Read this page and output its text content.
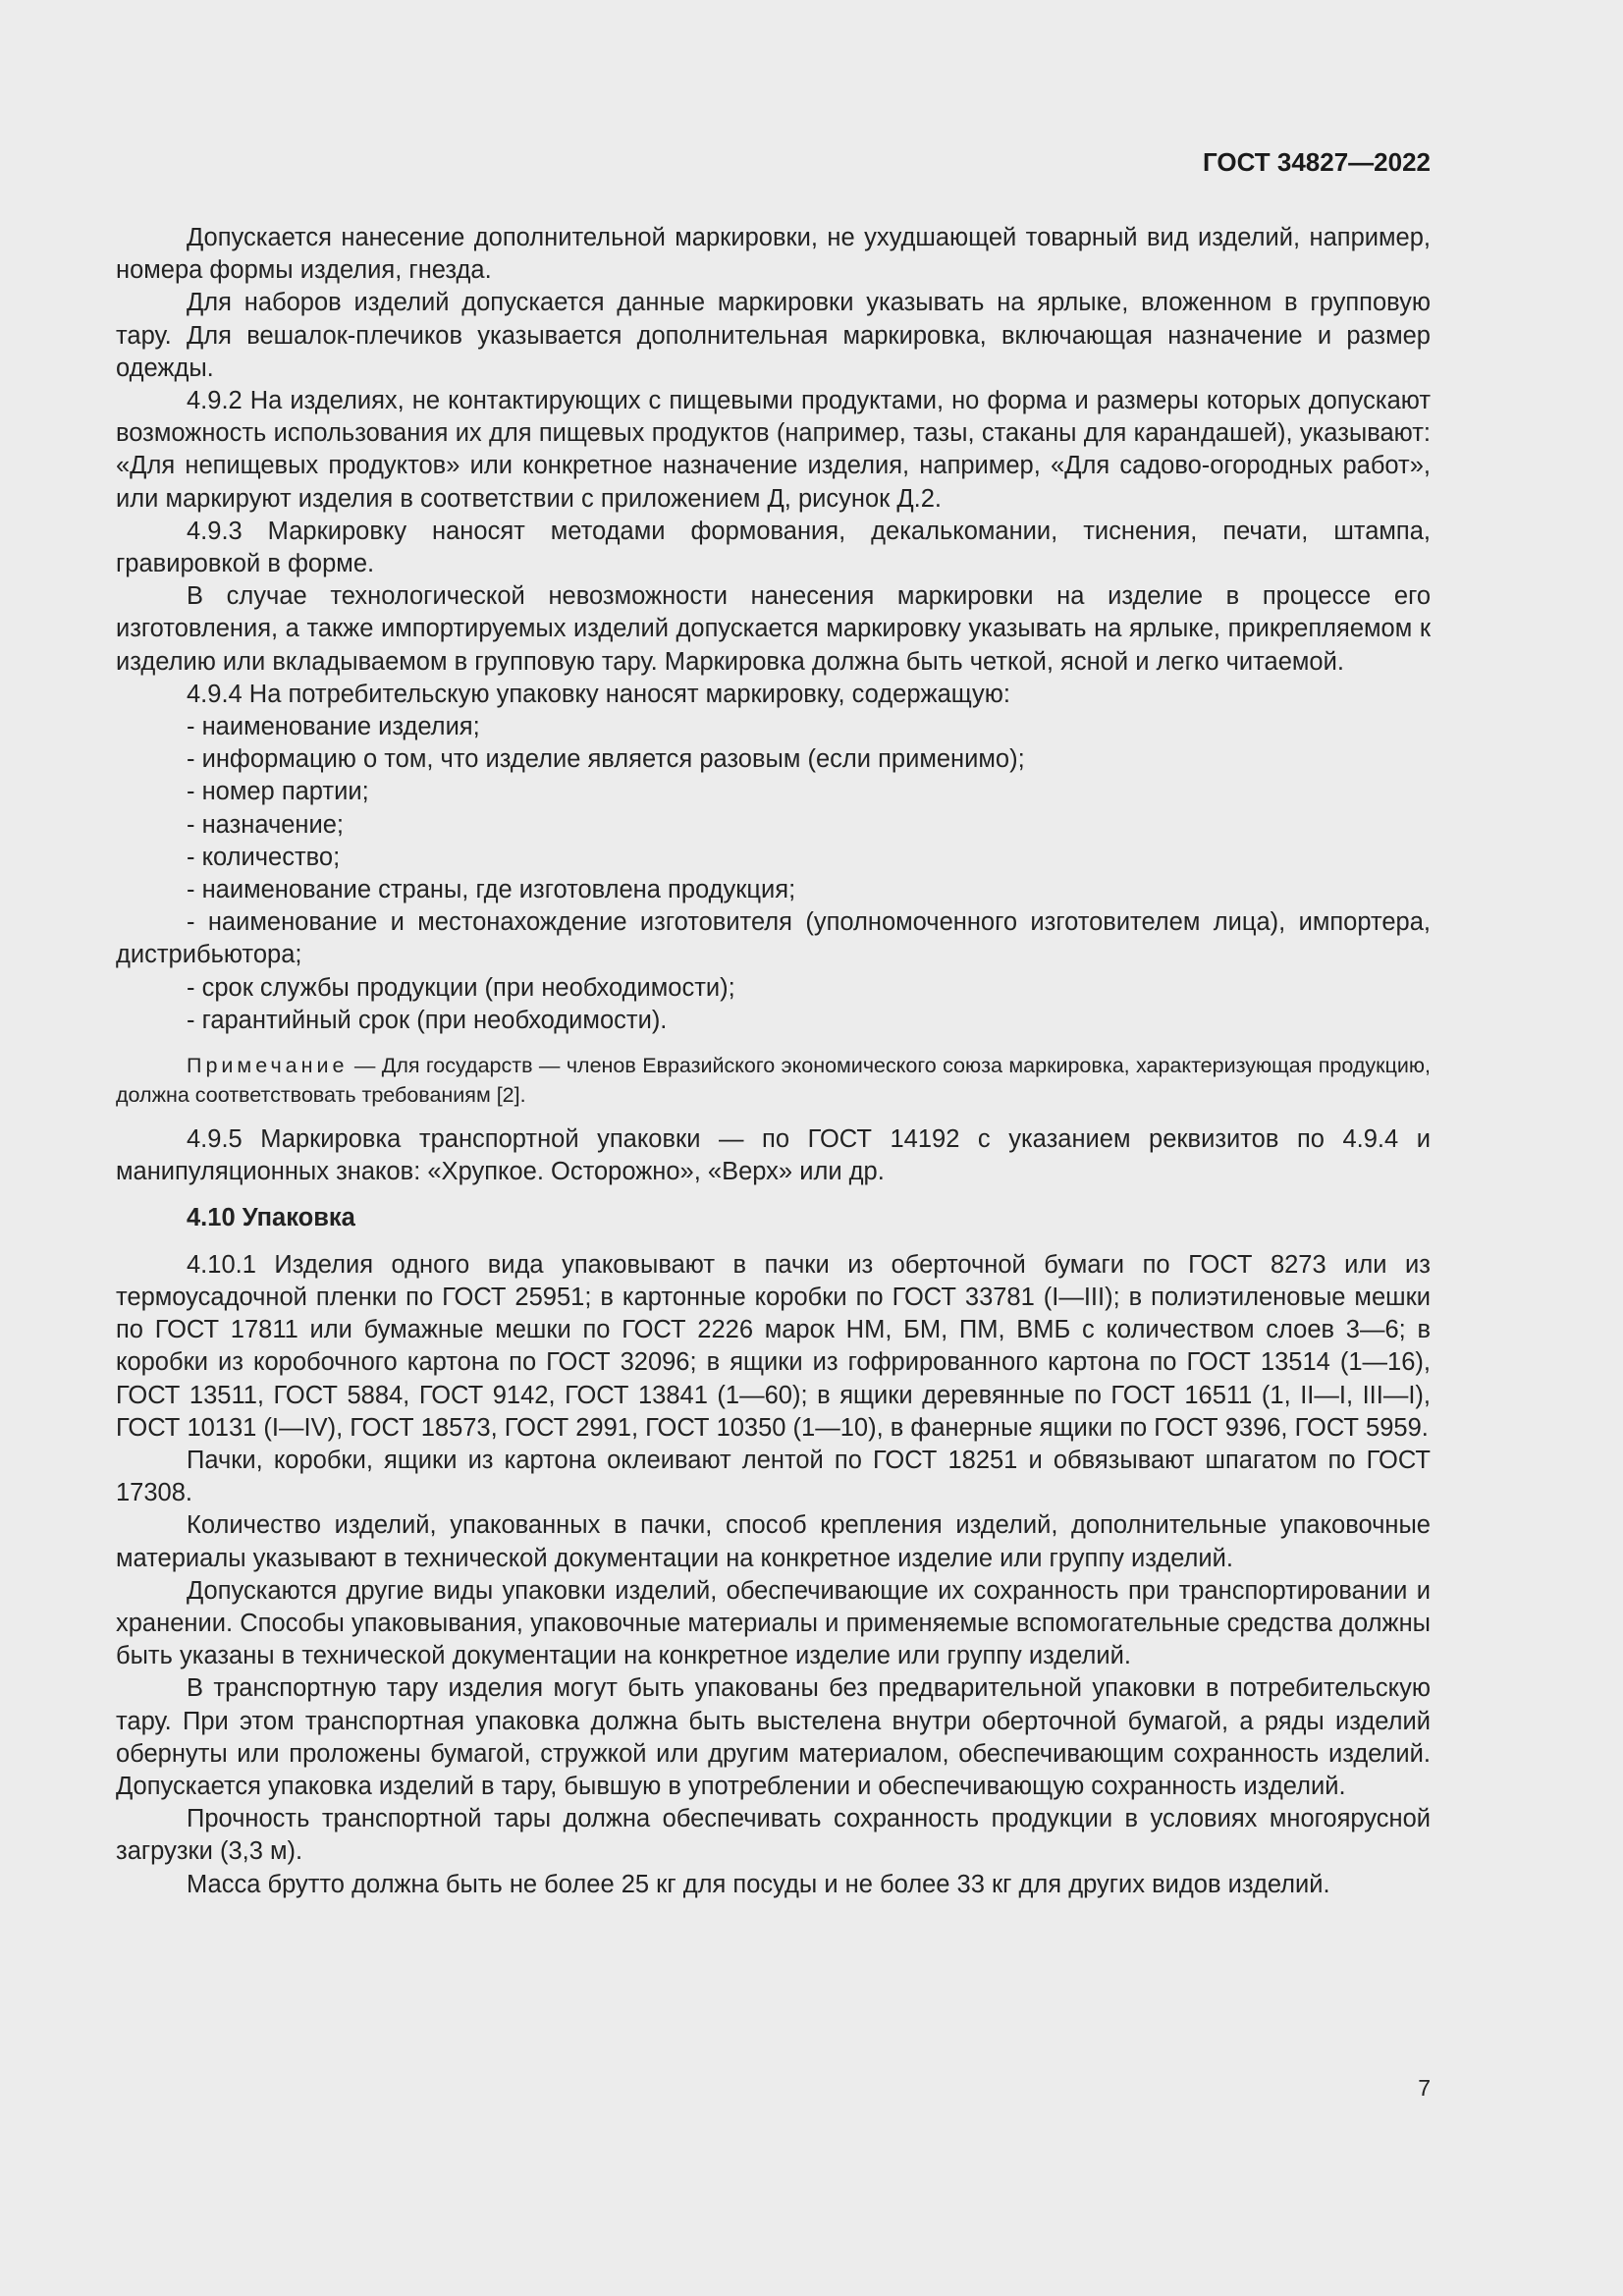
ГОСТ 34827—2022

Допускается нанесение дополнительной маркировки, не ухудшающей товарный вид изделий, например, номера формы изделия, гнезда.

Для наборов изделий допускается данные маркировки указывать на ярлыке, вложенном в групповую тару. Для вешалок-плечиков указывается дополнительная маркировка, включающая назначение и размер одежды.

4.9.2 На изделиях, не контактирующих с пищевыми продуктами, но форма и размеры которых допускают возможность использования их для пищевых продуктов (например, тазы, стаканы для карандашей), указывают: «Для непищевых продуктов» или конкретное назначение изделия, например, «Для садово-огородных работ», или маркируют изделия в соответствии с приложением Д, рисунок Д.2.

4.9.3 Маркировку наносят методами формования, декалькомании, тиснения, печати, штампа, гравировкой в форме.

В случае технологической невозможности нанесения маркировки на изделие в процессе его изготовления, а также импортируемых изделий допускается маркировку указывать на ярлыке, прикрепляемом к изделию или вкладываемом в групповую тару. Маркировка должна быть четкой, ясной и легко читаемой.

4.9.4 На потребительскую упаковку наносят маркировку, содержащую:

- наименование изделия;
- информацию о том, что изделие является разовым (если применимо);
- номер партии;
- назначение;
- количество;
- наименование страны, где изготовлена продукция;
- наименование и местонахождение изготовителя (уполномоченного изготовителем лица), импортера, дистрибьютора;
- срок службы продукции (при необходимости);
- гарантийный срок (при необходимости).

Примечание — Для государств — членов Евразийского экономического союза маркировка, характеризующая продукцию, должна соответствовать требованиям [2].

4.9.5 Маркировка транспортной упаковки — по ГОСТ 14192 с указанием реквизитов по 4.9.4 и манипуляционных знаков: «Хрупкое. Осторожно», «Верх» или др.

4.10 Упаковка

4.10.1 Изделия одного вида упаковывают в пачки из оберточной бумаги по ГОСТ 8273 или из термоусадочной пленки по ГОСТ 25951; в картонные коробки по ГОСТ 33781 (I—III); в полиэтиленовые мешки по ГОСТ 17811 или бумажные мешки по ГОСТ 2226 марок НМ, БМ, ПМ, ВМБ с количеством слоев 3—6; в коробки из коробочного картона по ГОСТ 32096; в ящики из гофрированного картона по ГОСТ 13514 (1—16), ГОСТ 13511, ГОСТ 5884, ГОСТ 9142, ГОСТ 13841 (1—60); в ящики деревянные по ГОСТ 16511 (1, II—I, III—I), ГОСТ 10131 (I—IV), ГОСТ 18573, ГОСТ 2991, ГОСТ 10350 (1—10), в фанерные ящики по ГОСТ 9396, ГОСТ 5959.

Пачки, коробки, ящики из картона оклеивают лентой по ГОСТ 18251 и обвязывают шпагатом по ГОСТ 17308.

Количество изделий, упакованных в пачки, способ крепления изделий, дополнительные упаковочные материалы указывают в технической документации на конкретное изделие или группу изделий.

Допускаются другие виды упаковки изделий, обеспечивающие их сохранность при транспортировании и хранении. Способы упаковывания, упаковочные материалы и применяемые вспомогательные средства должны быть указаны в технической документации на конкретное изделие или группу изделий.

В транспортную тару изделия могут быть упакованы без предварительной упаковки в потребительскую тару. При этом транспортная упаковка должна быть выстелена внутри оберточной бумагой, а ряды изделий обернуты или проложены бумагой, стружкой или другим материалом, обеспечивающим сохранность изделий. Допускается упаковка изделий в тару, бывшую в употреблении и обеспечивающую сохранность изделий.

Прочность транспортной тары должна обеспечивать сохранность продукции в условиях многоярусной загрузки (3,3 м).

Масса брутто должна быть не более 25 кг для посуды и не более 33 кг для других видов изделий.

7
